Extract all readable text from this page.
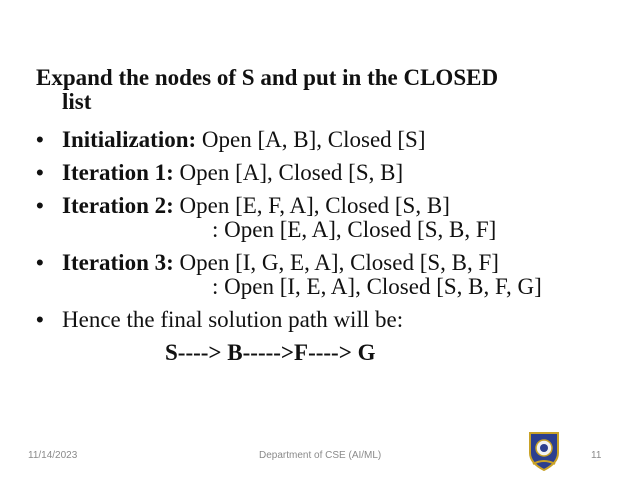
Expand the nodes of S and put in the CLOSED
list
• Initialization: Open [A, B], Closed [S]
• Iteration 1: Open [A], Closed [S, B]
• Iteration 2: Open [E, F, A], Closed [S, B]
: Open [E, A], Closed [S, B, F]
• Iteration 3: Open [I, G, E, A], Closed [S, B, F]
: Open [I, E, A], Closed [S, B, F, G]
• Hence the final solution path will be:
S----> B----->F----> G
11/14/2023	Department of CSE (AI/ML)	11
